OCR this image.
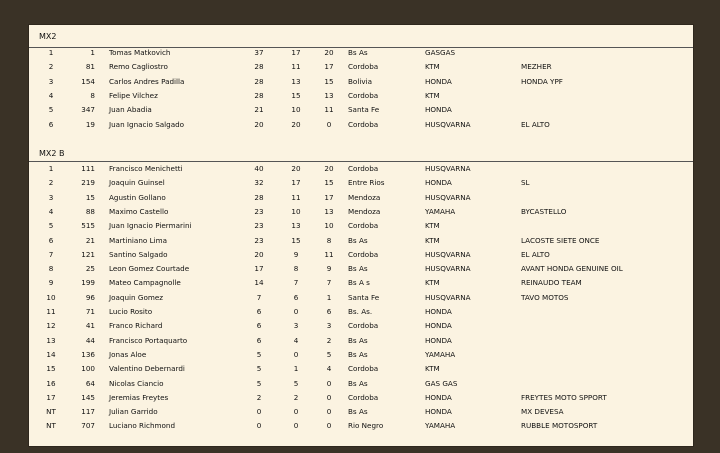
MX2
1	1 Tomas Matkovich	37	17	20	Bs As	GASGAS
2	81 Remo Cagliostro	28	11	17	Cordoba	KTM	MEZHER
3	154 Carlos Andres Padilla	28	13	15	Bolivia	HONDA	HONDA YPF
4	8 Felipe Vilchez	28	15	13	Cordoba	KTM
5	347 Juan Abadia	21	10	11	Santa Fe	HONDA
6	19 Juan Ignacio Salgado	20	20	0	Cordoba	HUSQVARNA	EL ALTO
MX2 B
1	111 Francisco Menichetti	40	20	20	Cordoba	HUSQVARNA
2	219 Joaquin Guinsel	32	17	15	Entre Rios	HONDA	SL
3	15 Agustin Gollano	28	11	17	Mendoza	HUSQVARNA
4	88 Maximo Castello	23	10	13	Mendoza	YAMAHA	BYCASTELLO
5	515 Juan Ignacio Piermarini	23	13	10	Cordoba	KTM
6	21 Martiniano Lima	23	15	8	Bs As	KTM	LACOSTE SIETE ONCE
7	121 Santino Salgado	20	9	11	Cordoba	HUSQVARNA	EL ALTO
8	25 Leon Gomez Courtade	17	8	9	Bs As	HUSQVARNA	AVANT HONDA GENUINE OIL
9	199 Mateo Campagnolle	14	7	7	Bs A s	KTM	REINAUDO TEAM
10	96 Joaquin Gomez	7	6	1	Santa Fe	HUSQVARNA	TAVO MOTOS
11	71 Lucio Rosito	6	0	6	Bs. As.	HONDA
12	41 Franco Richard	6	3	3	Cordoba	HONDA
13	44 Francisco Portaquarto	6	4	2	Bs As	HONDA
14	136 Jonas Aloe	5	0	5	Bs As	YAMAHA
15	100 Valentino Debernardi	5	1	4	Cordoba	KTM
16	64 Nicolas Ciancio	5	5	0	Bs As	GAS GAS
17	145 Jeremias Freytes	2	2	0	Cordoba	HONDA	FREYTES MOTO SPPORT
NT	117 Julian Garrido	0	0	0	Bs As	HONDA	MX DEVESA
NT	707 Luciano Richmond	0	0	0	Rio Negro	YAMAHA	RUBBLE MOTOSPORT
